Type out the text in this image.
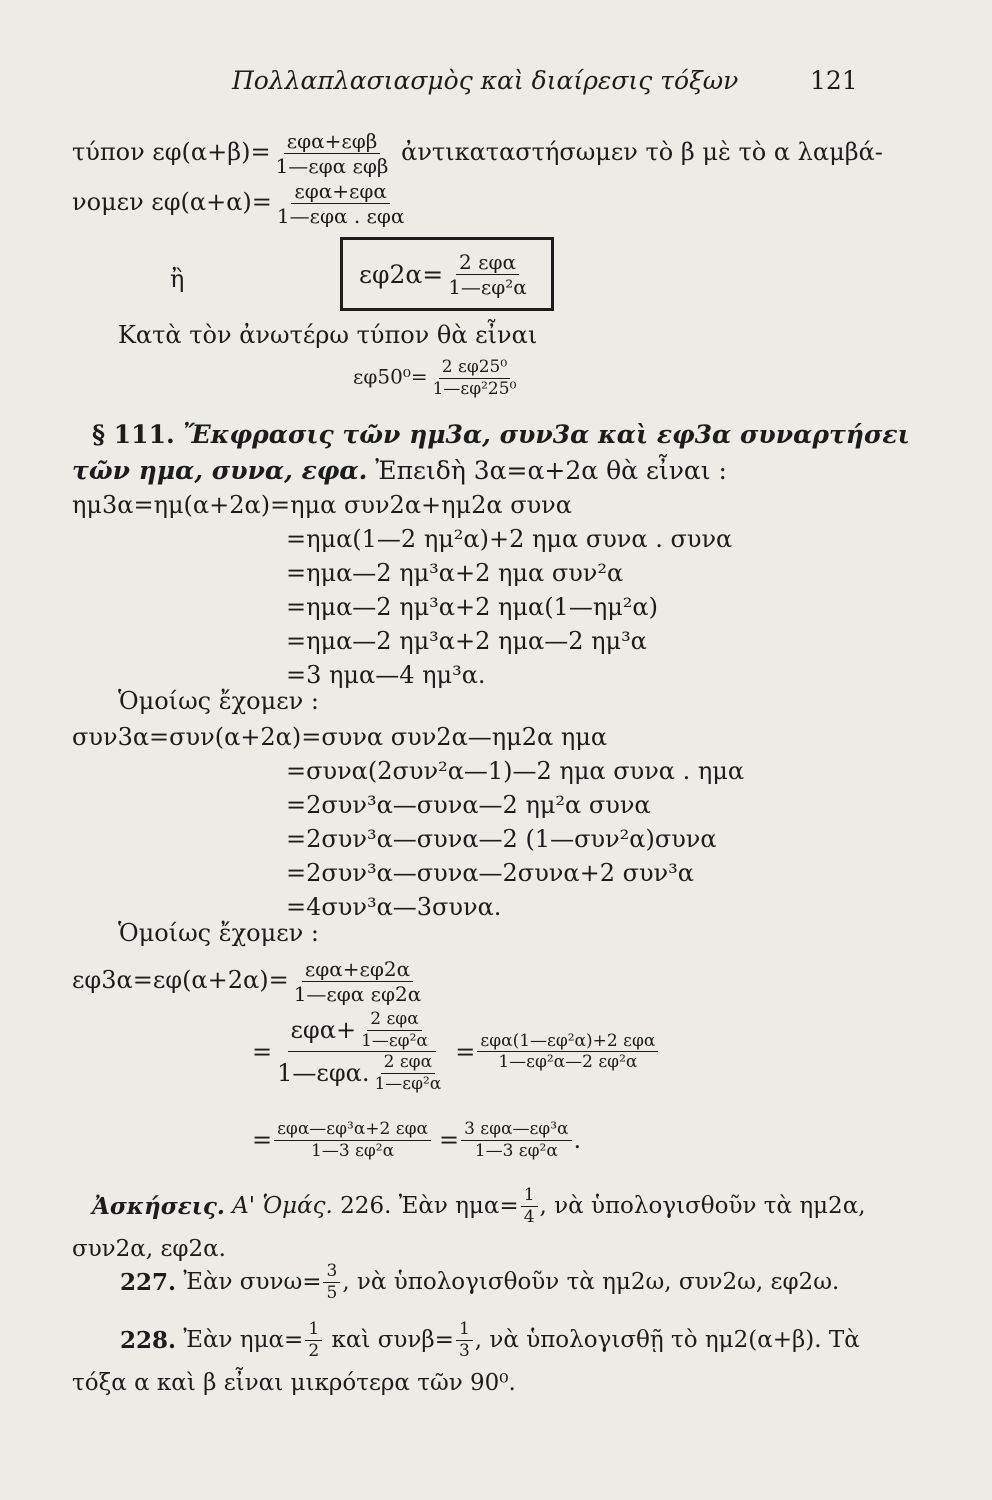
Πολλαπλασιασμὸς καὶ διαίρεσις τόξων	121
τύπον $\varepsilon\varphi(\alpha+\beta)= \frac{\text{εφα+εφβ}}{\text{1—εφα εφβ}}$ ἀντικαταστήσωμεν τὸ β μὲ τὸ α λαμβά-
νομεν $\varepsilon\varphi(\alpha+\alpha)= \frac{\text{εφα+εφα}}{\text{1—εφα . εφα}}$
ἢ	$\varepsilon\varphi 2\alpha= \frac{\text{2 εφα}}{\text{1—εφ²α}}$
Κατὰ τὸν ἀνωτέρω τύπον θὰ εἶναι
$\varepsilon\varphi 50^0= \frac{\text{2 εφ25⁰}}{\text{1—εφ²25⁰}}$
§ 111. Ἔκφρασις τῶν ημ3α, συν3α καὶ εφ3α συναρτήσει
τῶν ημα, συνα, εφα. Ἐπειδὴ 3α=α+2α θὰ εἶναι :
ημ3α=ημ(α+2α)=ημα συν2α+ημ2α συνα
=ημα(1—2 ημ²α)+2 ημα συνα . συνα
=ημα—2 ημ³α+2 ημα συν²α
=ημα—2 ημ³α+2 ημα(1—ημ²α)
=ημα—2 ημ³α+2 ημα—2 ημ³α
=3 ημα—4 ημ³α.
Ὁμοίως ἔχομεν :
συν3α=συν(α+2α)=συνα συν2α—ημ2α ημα
=συνα(2συν²α—1)—2 ημα συνα . ημα
=2συν³α—συνα—2 ημ²α συνα
=2συν³α—συνα—2 (1—συν²α)συνα
=2συν³α—συνα—2συνα+2 συν³α
=4συν³α—3συνα.
Ὁμοίως ἔχομεν :
$\varepsilon\varphi 3\alpha=\varepsilon\varphi(\alpha+2\alpha)= \frac{\text{εφα+εφ2α}}{\text{1—εφα εφ2α}}$
= $\frac{\varepsilon\varphi\alpha+ \frac{\text{2 εφα}}{\text{1—εφ²α}}}{1—\varepsilon\varphi\alpha. \frac{\text{2 εφα}}{\text{1—εφ²α}}} = \frac{\text{εφα(1—εφ²α)+2 εφα}}{\text{1—εφ²α—2 εφ²α}}$
= $\frac{\text{εφα—εφ³α+2 εφα}}{\text{1—3 εφ²α}} = \frac{\text{3 εφα—εφ³α}}{\text{1—3 εφ²α}}$ .
Ἀσκήσεις.
Α' Ὁμάς.
226.
Ἐὰν $\eta\mu\alpha= \frac{1}{4}$ , νὰ ὑπολογισθοῦν τὰ ημ2α,
συν2α, εφ2α.
227.
Ἐὰν $\sigma\upsilon\nu\omega= \frac{3}{5}$ , νὰ ὑπολογισθοῦν τὰ ημ2ω, συν2ω, εφ2ω.
228.
Ἐὰν $\eta\mu\alpha= \frac{1}{2}$
καὶ $\sigma\upsilon\nu\beta= \frac{1}{3}$ , νὰ ὑπολογισθῇ τὸ ημ2(α+β). Τὰ
τόξα α καὶ β εἶναι μικρότερα τῶν 90⁰.
